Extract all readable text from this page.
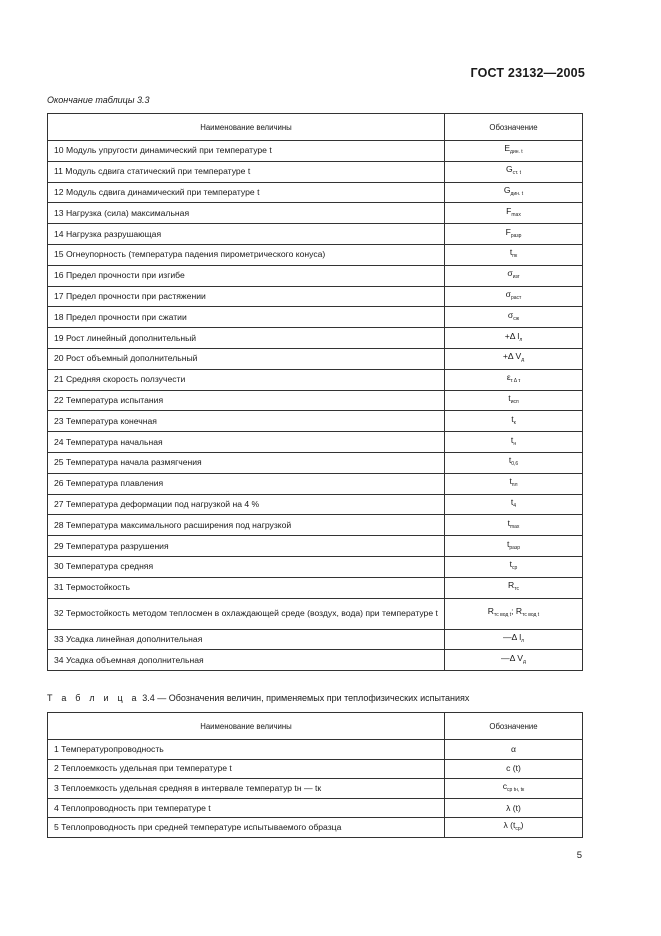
ГОСТ 23132—2005
Окончание таблицы 3.3
Наименование величины	Обозначение
10 Модуль упругости динамический при температуре t	$E_{дин. t}$
11 Модуль сдвига статический при температуре t	$G_{ст. t}$
12 Модуль сдвига динамический при температуре t	$G_{дин. t}$
13 Нагрузка (сила) максимальная	$F_{max}$
14 Нагрузка разрушающая	$F_{разр}$
15 Огнеупорность (температура падения пирометрического конуса)	$t_{пк}$
16 Предел прочности при изгибе	$\sigma_{изг}$
17 Предел прочности при растяжении	$\sigma_{раст}$
18 Предел прочности при сжатии	$\sigma_{сж}$
19 Рост линейный дополнительный	+Δ $l_л$
20 Рост объемный дополнительный	+Δ $V_д$
21 Средняя скорость ползучести	$\varepsilon_{\tau \Delta \tau}$
22 Температура испытания	$t_{исп}$
23 Температура конечная	$t_к$
24 Температура начальная	$t_н$
25 Температура начала размягчения	$t_{0,6}$
26 Температура плавления	$t_{пл}$
27 Температура деформации под нагрузкой на 4 %	$t_4$
28 Температура максимального расширения под нагрузкой	$t_{max}$
29 Температура разрушения	$t_{разр}$
30 Температура средняя	$t_{ср}$
31 Термостойкость	$R_{тс}$
32 Термостойкость методом теплосмен в охлаждающей среде (воздух, вода) при температуре t	$R_{тс вод t}$; $R_{тс вод t}$
33 Усадка линейная дополнительная	—Δ $l_л$
34 Усадка объемная дополнительная	—Δ $V_д$
Т а б л и ц а 3.4 — Обозначения величин, применяемых при теплофизических испытаниях
Наименование величины	Обозначение
1 Температуропроводность	α
2 Теплоемкость удельная при температуре t	c (t)
3 Теплоемкость удельная средняя в интервале температур tн — tк	$c_{ср tн, tк}$
4 Теплопроводность при температуре t	λ (t)
5 Теплопроводность при средней температуре испытываемого образца	λ $(t_{ср})$
5
